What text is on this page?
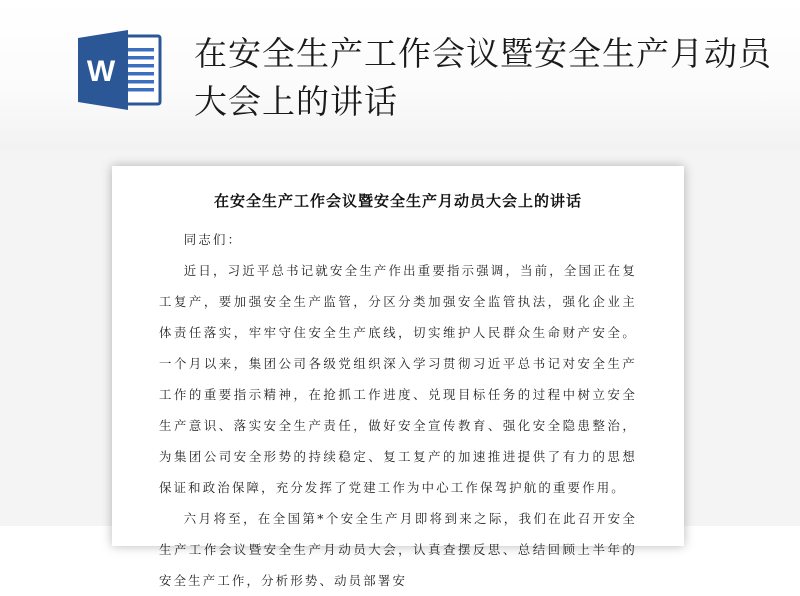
W 在安全生产工作会议暨安全生产月动员大会上的讲话
在安全生产工作会议暨安全生产月动员大会上的讲话

同志们：

近日，习近平总书记就安全生产作出重要指示强调，当前，全国正在复工复产，要加强安全生产监管，分区分类加强安全监管执法，强化企业主体责任落实，牢牢守住安全生产底线，切实维护人民群众生命财产安全。一个月以来，集团公司各级党组织深入学习贯彻习近平总书记对安全生产工作的重要指示精神，在抢抓工作进度、兑现目标任务的过程中树立安全生产意识、落实安全生产责任，做好安全宣传教育、强化安全隐患整治，为集团公司安全形势的持续稳定、复工复产的加速推进提供了有力的思想保证和政治保障，充分发挥了党建工作为中心工作保驾护航的重要作用。

六月将至，在全国第*个安全生产月即将到来之际，我们在此召开安全生产工作会议暨安全生产月动员大会，认真查摆反思、总结回顾上半年的安全生产工作，分析形势、动员部署安
